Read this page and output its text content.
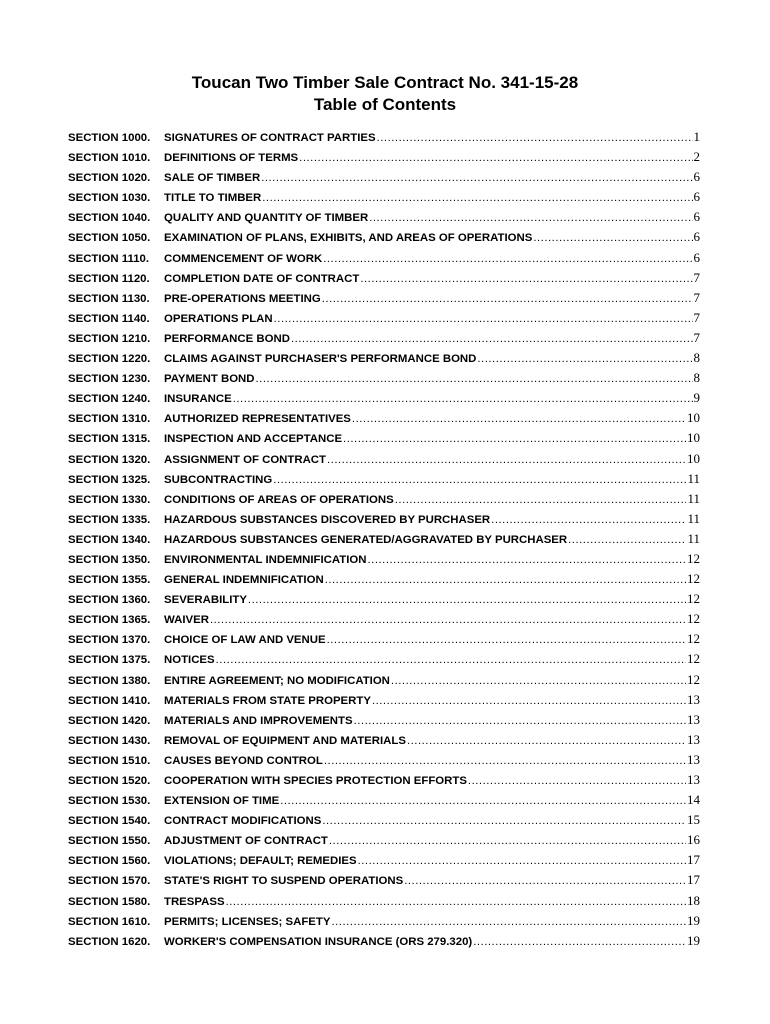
Toucan Two Timber Sale Contract No. 341-15-28
Table of Contents
SECTION 1000.	SIGNATURES OF CONTRACT PARTIES .....	1
SECTION 1010.	DEFINITIONS OF TERMS .....	2
SECTION 1020.	SALE OF TIMBER .....	6
SECTION 1030.	TITLE TO TIMBER .....	6
SECTION 1040.	QUALITY AND QUANTITY OF TIMBER .....	6
SECTION 1050.	EXAMINATION OF PLANS, EXHIBITS, AND AREAS OF OPERATIONS .....	6
SECTION 1110.	COMMENCEMENT OF WORK .....	6
SECTION 1120.	COMPLETION DATE OF CONTRACT .....	7
SECTION 1130.	PRE-OPERATIONS MEETING .....	7
SECTION 1140.	OPERATIONS PLAN .....	7
SECTION 1210.	PERFORMANCE BOND .....	7
SECTION 1220.	CLAIMS AGAINST PURCHASER'S PERFORMANCE BOND .....	8
SECTION 1230.	PAYMENT BOND .....	8
SECTION 1240.	INSURANCE .....	9
SECTION 1310.	AUTHORIZED REPRESENTATIVES .....	10
SECTION 1315.	INSPECTION AND ACCEPTANCE .....	10
SECTION 1320.	ASSIGNMENT OF CONTRACT .....	10
SECTION 1325.	SUBCONTRACTING .....	11
SECTION 1330.	CONDITIONS OF AREAS OF OPERATIONS .....	11
SECTION 1335.	HAZARDOUS SUBSTANCES DISCOVERED BY PURCHASER .....	11
SECTION 1340.	HAZARDOUS SUBSTANCES GENERATED/AGGRAVATED BY PURCHASER .....	11
SECTION 1350.	ENVIRONMENTAL INDEMNIFICATION .....	12
SECTION 1355.	GENERAL INDEMNIFICATION .....	12
SECTION 1360.	SEVERABILITY .....	12
SECTION 1365.	WAIVER .....	12
SECTION 1370.	CHOICE OF LAW AND VENUE .....	12
SECTION 1375.	NOTICES .....	12
SECTION 1380.	ENTIRE AGREEMENT; NO MODIFICATION .....	12
SECTION 1410.	MATERIALS FROM STATE PROPERTY .....	13
SECTION 1420.	MATERIALS AND IMPROVEMENTS .....	13
SECTION 1430.	REMOVAL OF EQUIPMENT AND MATERIALS .....	13
SECTION 1510.	CAUSES BEYOND CONTROL .....	13
SECTION 1520.	COOPERATION WITH SPECIES PROTECTION EFFORTS .....	13
SECTION 1530.	EXTENSION OF TIME .....	14
SECTION 1540.	CONTRACT MODIFICATIONS .....	15
SECTION 1550.	ADJUSTMENT OF CONTRACT .....	16
SECTION 1560.	VIOLATIONS; DEFAULT; REMEDIES .....	17
SECTION 1570.	STATE'S RIGHT TO SUSPEND OPERATIONS .....	17
SECTION 1580.	TRESPASS .....	18
SECTION 1610.	PERMITS; LICENSES; SAFETY .....	19
SECTION 1620.	WORKER'S COMPENSATION INSURANCE (ORS 279.320) .....	19
